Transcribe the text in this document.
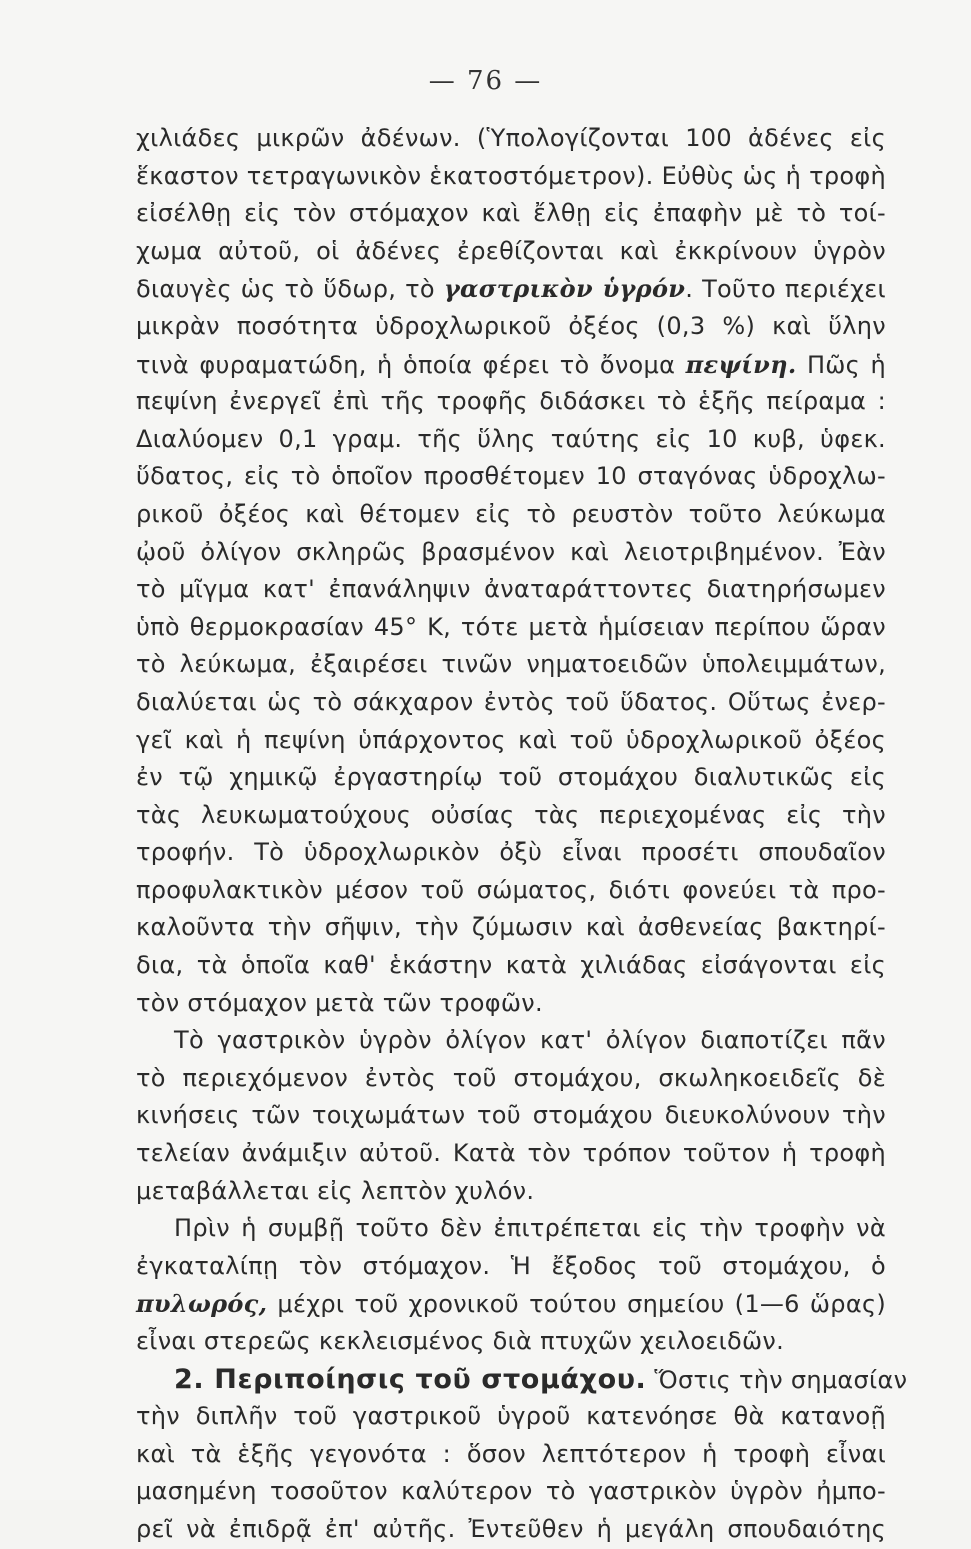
— 76 —
χιλιάδες μικρῶν ἀδένων. (Ὑπολογίζονται 100 ἀδένες εἰς
ἕκαστον τετραγωνικὸν ἑκατοστόμετρον). Εὐθὺς ὡς ἡ τροφὴ
εἰσέλθῃ εἰς τὸν στόμαχον καὶ ἔλθῃ εἰς ἐπαφὴν μὲ τὸ τοί-
χωμα αὐτοῦ, οἱ ἀδένες ἐρεθίζονται καὶ ἐκκρίνουν ὑγρὸν
διαυγὲς ὡς τὸ ὕδωρ, τὸ γαστρικὸν ὑγρόν. Τοῦτο περιέχει
μικρὰν ποσότητα ὑδροχλωρικοῦ ὀξέος (0,3 %) καὶ ὕλην
τινὰ φυραματώδη, ἡ ὁποία φέρει τὸ ὄνομα πεψίνη. Πῶς ἡ
πεψίνη ἐνεργεῖ ἐπὶ τῆς τροφῆς διδάσκει τὸ ἑξῆς πείραμα :
Διαλύομεν 0,1 γραμ. τῆς ὕλης ταύτης εἰς 10 κυβ, ὑφεκ.
ὕδατος, εἰς τὸ ὁποῖον προσθέτομεν 10 σταγόνας ὑδροχλω-
ρικοῦ ὀξέος καὶ θέτομεν εἰς τὸ ρευστὸν τοῦτο λεύκωμα
ᾠοῦ ὀλίγον σκληρῶς βρασμένον καὶ λειοτριβημένον. Ἐὰν
τὸ μῖγμα κατ' ἐπανάληψιν ἀναταράττοντες διατηρήσωμεν
ὑπὸ θερμοκρασίαν 45° Κ, τότε μετὰ ἡμίσειαν περίπου ὥραν
τὸ λεύκωμα, ἐξαιρέσει τινῶν νηματοειδῶν ὑπολειμμάτων,
διαλύεται ὡς τὸ σάκχαρον ἐντὸς τοῦ ὕδατος. Οὕτως ἐνερ-
γεῖ καὶ ἡ πεψίνη ὑπάρχοντος καὶ τοῦ ὑδροχλωρικοῦ ὀξέος
ἐν τῷ χημικῷ ἐργαστηρίῳ τοῦ στομάχου διαλυτικῶς εἰς
τὰς λευκωματούχους οὐσίας τὰς περιεχομένας εἰς τὴν
τροφήν. Τὸ ὑδροχλωρικὸν ὀξὺ εἶναι προσέτι σπουδαῖον
προφυλακτικὸν μέσον τοῦ σώματος, διότι φονεύει τὰ προ-
καλοῦντα τὴν σῆψιν, τὴν ζύμωσιν καὶ ἀσθενείας βακτηρί-
δια, τὰ ὁποῖα καθ' ἑκάστην κατὰ χιλιάδας εἰσάγονται εἰς
τὸν στόμαχον μετὰ τῶν τροφῶν.
Τὸ γαστρικὸν ὑγρὸν ὀλίγον κατ' ὀλίγον διαποτίζει πᾶν
τὸ περιεχόμενον ἐντὸς τοῦ στομάχου, σκωληκοειδεῖς δὲ
κινήσεις τῶν τοιχωμάτων τοῦ στομάχου διευκολύνουν τὴν
τελείαν ἀνάμιξιν αὐτοῦ. Κατὰ τὸν τρόπον τοῦτον ἡ τροφὴ
μεταβάλλεται εἰς λεπτὸν χυλόν.
Πρὶν ἡ συμβῇ τοῦτο δὲν ἐπιτρέπεται εἰς τὴν τροφὴν νὰ
ἐγκαταλίπῃ τὸν στόμαχον. Ἡ ἔξοδος τοῦ στομάχου, ὁ
πυλωρός, μέχρι τοῦ χρονικοῦ τούτου σημείου (1—6 ὥρας)
εἶναι στερεῶς κεκλεισμένος διὰ πτυχῶν χειλοειδῶν.
2. Περιποίησις τοῦ στομάχου. Ὅστις τὴν σημασίαν
τὴν διπλῆν τοῦ γαστρικοῦ ὑγροῦ κατενόησε θὰ κατανοῇ
καὶ τὰ ἑξῆς γεγονότα : ὅσον λεπτότερον ἡ τροφὴ εἶναι
μασημένη τοσοῦτον καλύτερον τὸ γαστρικὸν ὑγρὸν ἠμπο-
ρεῖ νὰ ἐπιδρᾷ ἐπ' αὐτῆς. Ἐντεῦθεν ἡ μεγάλη σπουδαιότης
